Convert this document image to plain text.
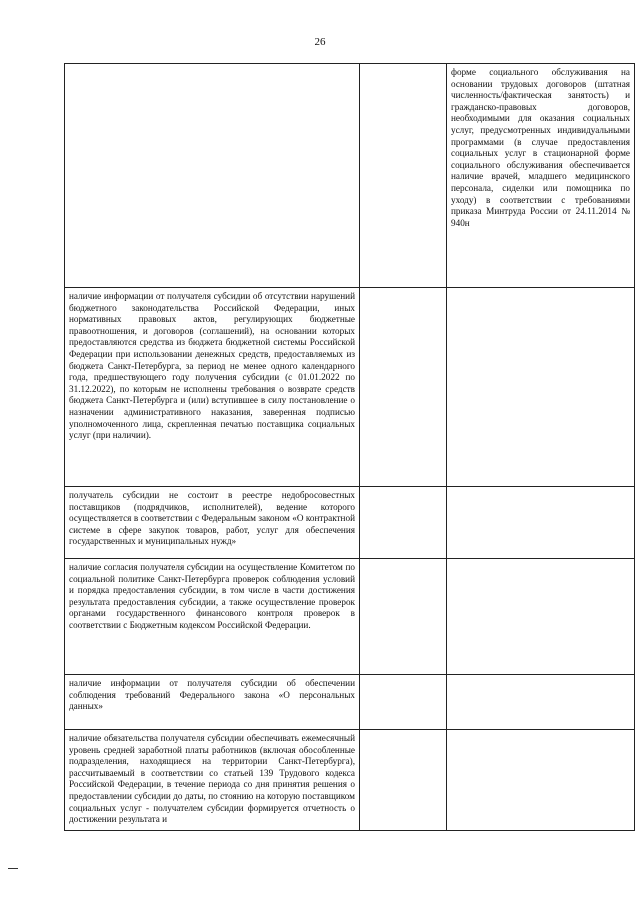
26
		форме социального обслуживания на основании трудовых договоров (штатная численность/фактическая занятость) и гражданско-правовых договоров, необходимыми для оказания социальных услуг, предусмотренных индивидуальными программами (в случае предоставления социальных услуг в стационарной форме социального обслуживания обеспечивается наличие врачей, младшего медицинского персонала, сиделки или помощника по уходу) в соответствии с требованиями приказа Минтруда России от 24.11.2014 № 940н
наличие информации от получателя субсидии об отсутствии нарушений бюджетного законодательства Российской Федерации, иных нормативных правовых актов, регулирующих бюджетные правоотношения, и договоров (соглашений), на основании которых предоставляются средства из бюджета бюджетной системы Российской Федерации при использовании денежных средств, предоставляемых из бюджета Санкт-Петербурга, за период не менее одного календарного года, предшествующего году получения субсидии (с 01.01.2022 по 31.12.2022), по которым не исполнены требования о возврате средств бюджета Санкт-Петербурга и (или) вступившее в силу постановление о назначении административного наказания, заверенная подписью уполномоченного лица, скрепленная печатью поставщика социальных услуг (при наличии).		
получатель субсидии не состоит в реестре недобросовестных поставщиков (подрядчиков, исполнителей), ведение которого осуществляется в соответствии с Федеральным законом «О контрактной системе в сфере закупок товаров, работ, услуг для обеспечения государственных и муниципальных нужд»		
наличие согласия получателя субсидии на осуществление Комитетом по социальной политике Санкт-Петербурга проверок соблюдения условий и порядка предоставления субсидии, в том числе в части достижения результата предоставления субсидии, а также осуществление проверок органами государственного финансового контроля проверок в соответствии с Бюджетным кодексом Российской Федерации.		
наличие информации от получателя субсидии об обеспечении соблюдения требований Федерального закона «О персональных данных»		
наличие обязательства получателя субсидии обеспечивать ежемесячный уровень средней заработной платы работников (включая обособленные подразделения, находящиеся на территории Санкт-Петербурга), рассчитываемый в соответствии со статьей 139 Трудового кодекса Российской Федерации, в течение периода со дня принятия решения о предоставлении субсидии до даты, по стоянию на которую поставщиком социальных услуг - получателем субсидии формируется отчетность о достижении результата и		
